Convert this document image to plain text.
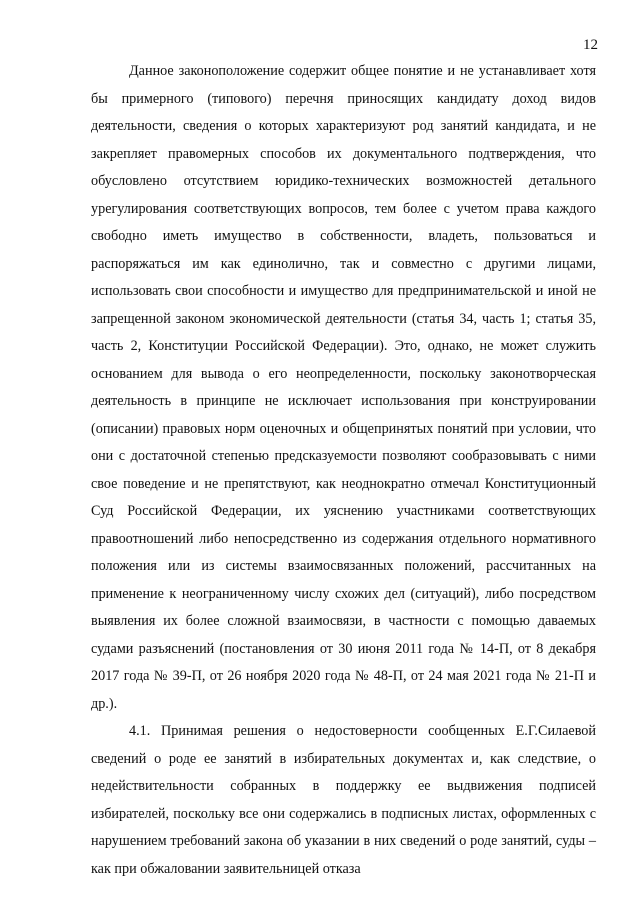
12

Данное законоположение содержит общее понятие и не устанавливает хотя бы примерного (типового) перечня приносящих кандидату доход видов деятельности, сведения о которых характеризуют род занятий кандидата, и не закрепляет правомерных способов их документального подтверждения, что обусловлено отсутствием юридико-технических возможностей детального урегулирования соответствующих вопросов, тем более с учетом права каждого свободно иметь имущество в собственности, владеть, пользоваться и распоряжаться им как единолично, так и совместно с другими лицами, использовать свои способности и имущество для предпринимательской и иной не запрещенной законом экономической деятельности (статья 34, часть 1; статья 35, часть 2, Конституции Российской Федерации). Это, однако, не может служить основанием для вывода о его неопределенности, поскольку законотворческая деятельность в принципе не исключает использования при конструировании (описании) правовых норм оценочных и общепринятых понятий при условии, что они с достаточной степенью предсказуемости позволяют сообразовывать с ними свое поведение и не препятствуют, как неоднократно отмечал Конституционный Суд Российской Федерации, их уяснению участниками соответствующих правоотношений либо непосредственно из содержания отдельного нормативного положения или из системы взаимосвязанных положений, рассчитанных на применение к неограниченному числу схожих дел (ситуаций), либо посредством выявления их более сложной взаимосвязи, в частности с помощью даваемых судами разъяснений (постановления от 30 июня 2011 года № 14-П, от 8 декабря 2017 года № 39-П, от 26 ноября 2020 года № 48-П, от 24 мая 2021 года № 21-П и др.).

4.1. Принимая решения о недостоверности сообщенных Е.Г.Силаевой сведений о роде ее занятий в избирательных документах и, как следствие, о недействительности собранных в поддержку ее выдвижения подписей избирателей, поскольку все они содержались в подписных листах, оформленных с нарушением требований закона об указании в них сведений о роде занятий, суды – как при обжаловании заявительницей отказа
